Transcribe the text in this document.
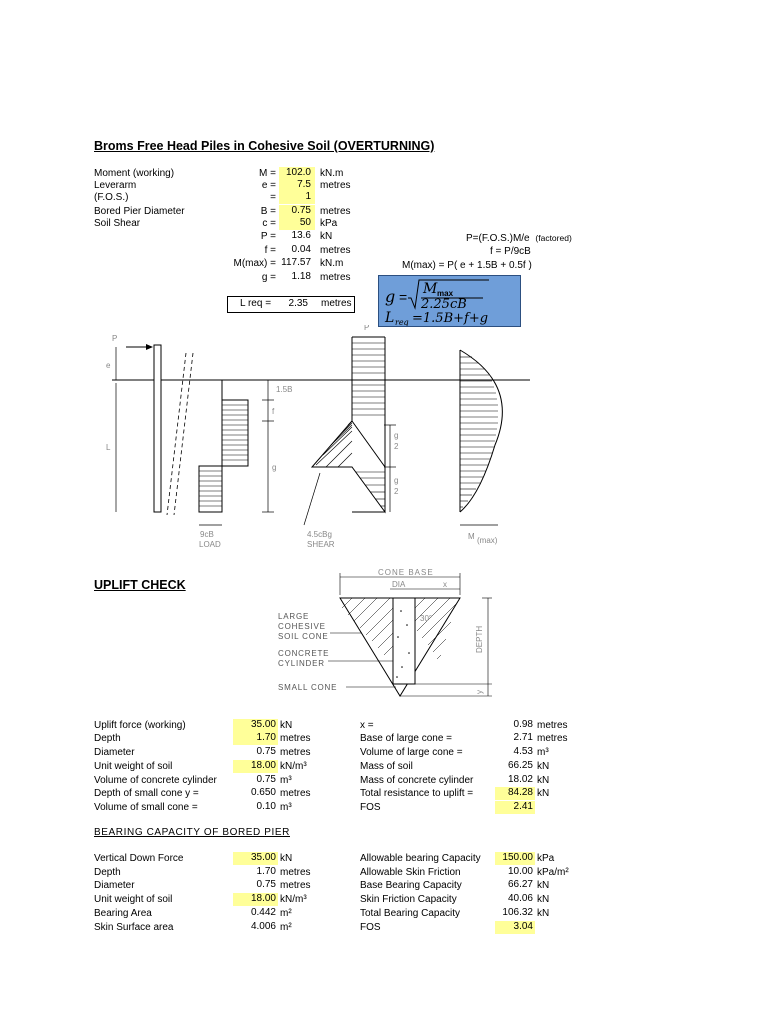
Broms Free Head Piles in Cohesive Soil (OVERTURNING)
Moment (working)	M = 102.0 kN.m
Leverarm	e =	7.5 metres
(F.O.S.)	=	1
Bored Pier Diameter	B =	0.75 metres
Soil Shear	c =	50 kPa
P =	13.6 kN
f =	0.04 metres
M(max) = 117.57 kN.m
g =	1.18 metres
L req =	2.35 metres
P=(F.O.S.)M/e (factored)
f = P/9cB
M(max) = P( e + 1.5B + 0.5f )
g = M max
2.25cB
L req =1.5B+f+g
P
e
L
9cB
LOAD
1.5B
f
g
P
g
2
g
2
4.5cBg
SHEAR
M (max)
UPLIFT CHECK
CONE BASE
DIA	x
30°
DEPTH
y
LARGE
COHESIVE
SOIL CONE
CONCRETE
CYLINDER
SMALL CONE
Uplift force (working)	35.00 kN
Depth	1.70 metres
Diameter	0.75 metres
Unit weight of soil	18.00 kN/m³
Volume of concrete cylinder	0.75 m³
Depth of small cone y =	0.650 metres
Volume of small cone =	0.10 m³
x =	0.98 metres
Base of large cone =	2.71 metres
Volume of large cone =	4.53 m³
Mass of soil	66.25 kN
Mass of concrete cylinder	18.02 kN
Total resistance to uplift =	84.28 kN
FOS	2.41
BEARING CAPACITY OF BORED PIER
Vertical Down Force	35.00 kN
Depth	1.70 metres
Diameter	0.75 metres
Unit weight of soil	18.00 kN/m³
Bearing Area	0.442 m²
Skin Surface area	4.006 m²
Allowable bearing Capacity	150.00 kPa
Allowable Skin Friction	10.00 kPa/m²
Base Bearing Capacity	66.27 kN
Skin Friction Capacity	40.06 kN
Total Bearing Capacity	106.32 kN
FOS	3.04
